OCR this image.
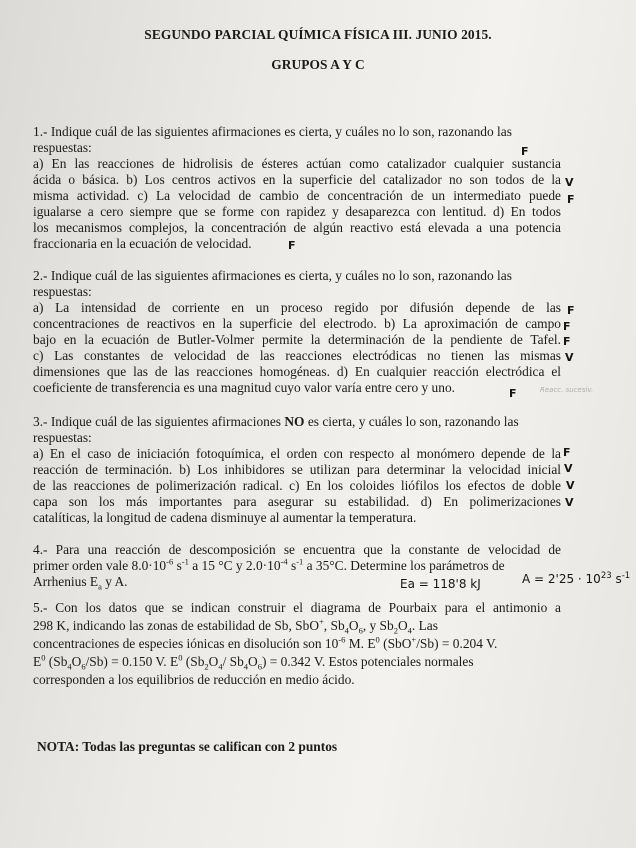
SEGUNDO PARCIAL QUÍMICA FÍSICA III. JUNIO 2015.
GRUPOS A Y C
1.- Indique cuál de las siguientes afirmaciones es cierta, y cuáles no lo son, razonando las
respuestas:
a) En las reacciones de hidrolisis de ésteres actúan como catalizador cualquier sustancia
ácida o básica. b) Los centros activos en la superficie del catalizador no son todos de la
misma actividad. c) La velocidad de cambio de concentración de un intermediato puede
igualarse a cero siempre que se forme con rapidez y desaparezca con lentitud. d) En todos
los mecanismos complejos, la concentración de algún reactivo está elevada a una potencia
fraccionaria en la ecuación de velocidad.
2.- Indique cuál de las siguientes afirmaciones es cierta, y cuáles no lo son, razonando las
respuestas:
a) La intensidad de corriente en un proceso regido por difusión depende de las
concentraciones de reactivos en la superficie del electrodo. b) La aproximación de campo
bajo en la ecuación de Butler-Volmer permite la determinación de la pendiente de Tafel.
c) Las constantes de velocidad de las reacciones electródicas no tienen las mismas
dimensiones que las de las reacciones homogéneas. d) En cualquier reacción electródica el
coeficiente de transferencia es una magnitud cuyo valor varía entre cero y uno.
3.- Indique cuál de las siguientes afirmaciones NO es cierta, y cuáles lo son, razonando las
respuestas:
a) En el caso de iniciación fotoquímica, el orden con respecto al monómero depende de la
reacción de terminación. b) Los inhibidores se utilizan para determinar la velocidad inicial
de las reacciones de polimerización radical. c) En los coloides liófilos los efectos de doble
capa son los más importantes para asegurar su estabilidad. d) En polimerizaciones
catalíticas, la longitud de cadena disminuye al aumentar la temperatura.
4.- Para una reacción de descomposición se encuentra que la constante de velocidad de
primer orden vale $8.0\cdot 10^{-6}$ $s^{-1}$ a 15 °C y $2.0\cdot 10^{-4}$ $s^{-1}$ a 35°C. Determine los parámetros de
Arrhenius $E_a$ y A.
5.- Con los datos que se indican construir el diagrama de Pourbaix para el antimonio a
298 K, indicando las zonas de estabilidad de Sb, SbO+, $Sb_4O_6$, y $Sb_2O_4$. Las
concentraciones de especies iónicas en disolución son $10^{-6}$ M. $E^0$ (SbO+/Sb) = 0.204 V.
$E^0$ $(Sb_4O_6/Sb) = 0.150$ V. $E^0$ ($Sb_2O_4/$ $Sb_4O_6) = 0.342$ V. Estos potenciales normales
corresponden a los equilibrios de reducción en medio ácido.
NOTA: Todas las preguntas se califican con 2 puntos
F
V
F
F
F
F
F
V
F	Reacc. sucesiv.
F
V
V
V
Ea = 118'8 kJ	$A = 2'25 \cdot 10^{23}$ $s^{-1}$
